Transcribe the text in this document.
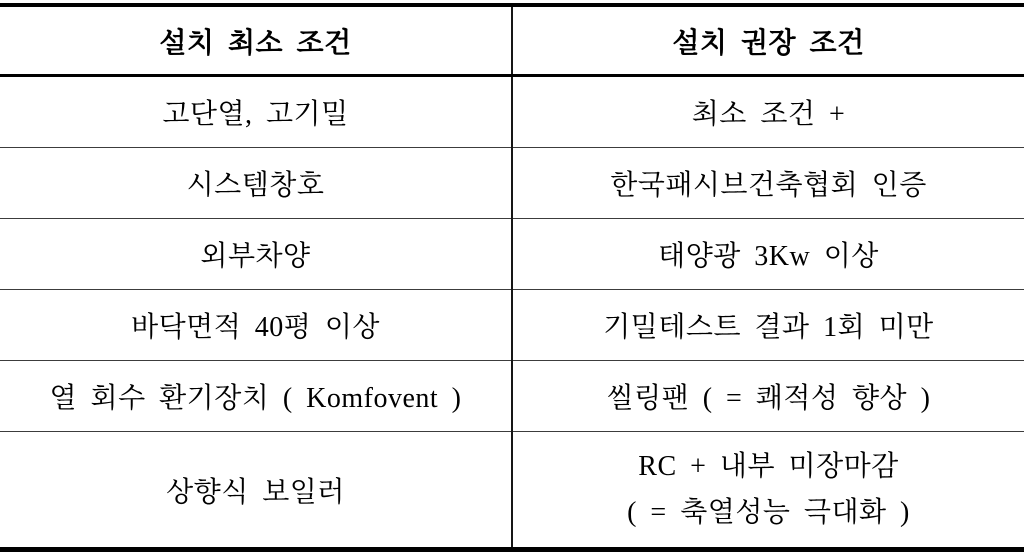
설치 최소 조건	설치 권장 조건
고단열, 고기밀	최소 조건 +
시스템창호	한국패시브건축협회 인증
외부차양	태양광 3Kw 이상
바닥면적 40평 이상	기밀테스트 결과 1회 미만
열 회수 환기장치 ( Komfovent )	씰링팬 ( = 쾌적성 향상 )
상향식 보일러	RC + 내부 미장마감
( = 축열성능 극대화 )
